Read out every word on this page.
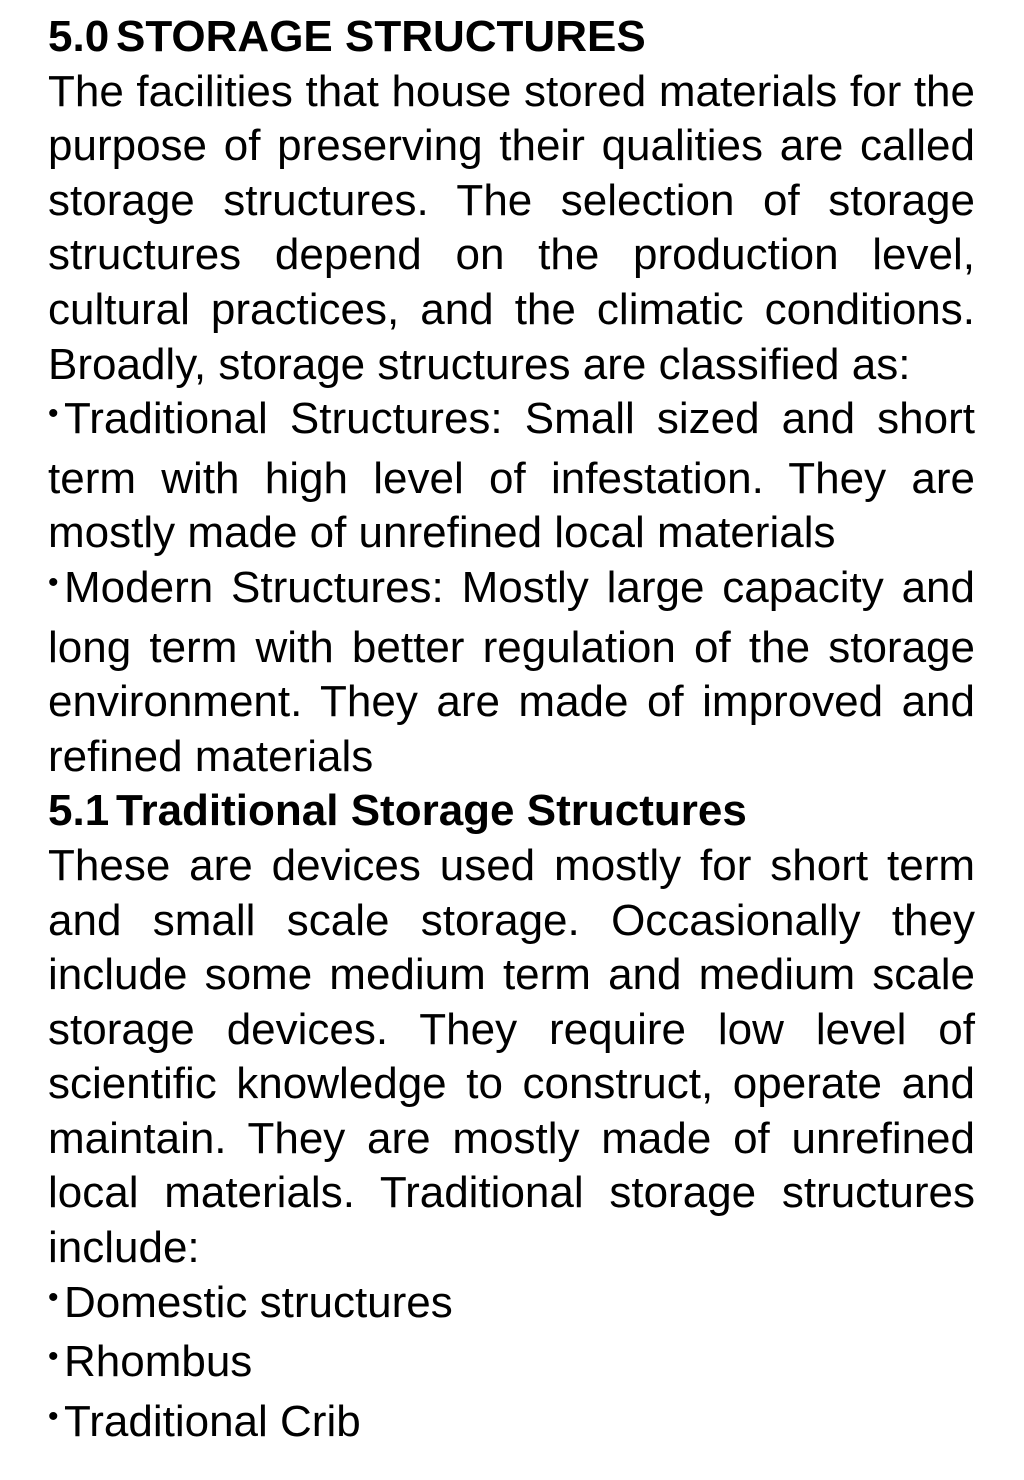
5.0 STORAGE STRUCTURES

The facilities that house stored materials for the purpose of preserving their qualities are called storage structures. The selection of storage structures depend on the production level, cultural practices, and the climatic conditions. Broadly, storage structures are classified as:

• Traditional Structures: Small sized and short term with high level of infestation. They are mostly made of unrefined local materials

• Modern Structures: Mostly large capacity and long term with better regulation of the storage environment. They are made of improved and refined materials

5.1 Traditional Storage Structures

These are devices used mostly for short term and small scale storage. Occasionally they include some medium term and medium scale storage devices. They require low level of scientific knowledge to construct, operate and maintain. They are mostly made of unrefined local materials. Traditional storage structures include:

• Domestic structures

• Rhombus

• Traditional Crib
